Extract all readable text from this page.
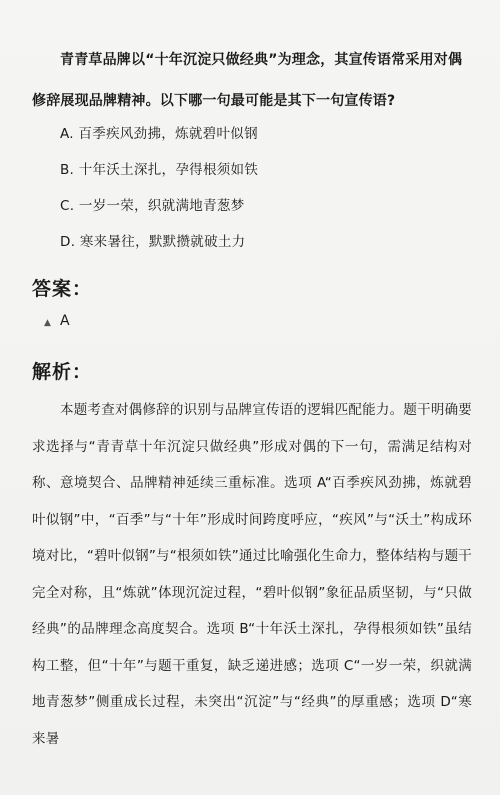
青青草品牌以“十年沉淀只做经典”为理念，其宣传语常采用对偶修辞展现品牌精神。以下哪一句最可能是其下一句宣传语?
A. 百季疾风劲拂，炼就碧叶似钢
B. 十年沃土深扎，孕得根须如铁
C. 一岁一荣，织就满地青葱梦
D. 寒来暑往，默默攒就破土力
答案：
▲ A
解析：
本题考查对偶修辞的识别与品牌宣传语的逻辑匹配能力。题干明确要求选择与“青青草十年沉淀只做经典”形成对偶的下一句，需满足结构对称、意境契合、品牌精神延续三重标准。选项 A“百季疾风劲拂，炼就碧叶似钢”中，“百季”与“十年”形成时间跨度呼应，“疾风”与“沃土”构成环境对比，“碧叶似钢”与“根须如铁”通过比喻强化生命力，整体结构与题干完全对称，且“炼就”体现沉淀过程，“碧叶似钢”象征品质坚韧，与“只做经典”的品牌理念高度契合。选项 B“十年沃土深扎，孕得根须如铁”虽结构工整，但“十年”与题干重复，缺乏递进感；选项 C“一岁一荣，织就满地青葱梦”侧重成长过程，未突出“沉淀”与“经典”的厚重感；选项 D“寒来暑
